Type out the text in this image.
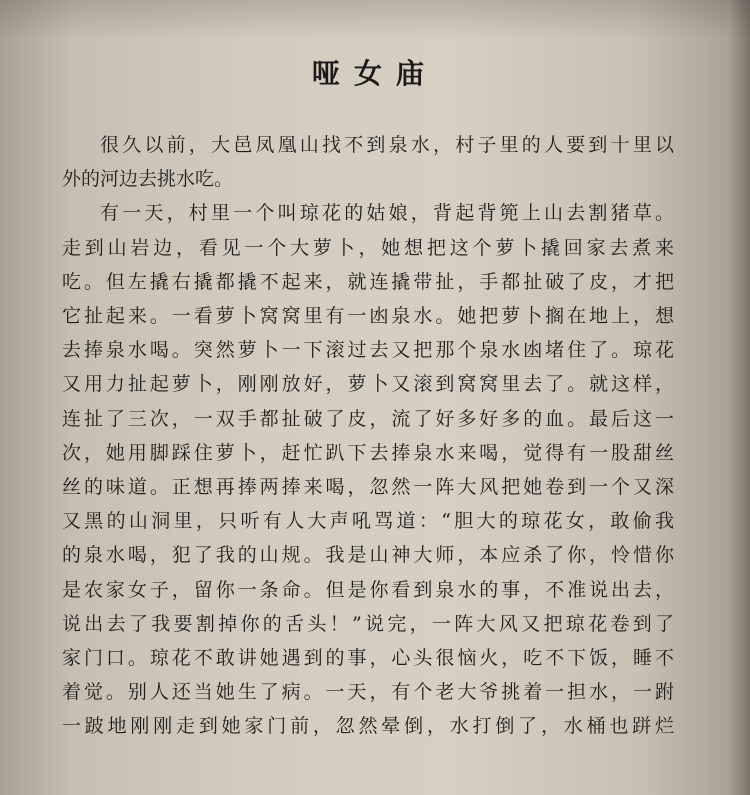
哑女庙
很久以前，大邑凤凰山找不到泉水，村子里的人要到十里以
外的河边去挑水吃。
有一天，村里一个叫琼花的姑娘，背起背篼上山去割猪草。
走到山岩边，看见一个大萝卜，她想把这个萝卜撬回家去煮来
吃。但左撬右撬都撬不起来，就连撬带扯，手都扯破了皮，才把
它扯起来。一看萝卜窝窝里有一凼泉水。她把萝卜搁在地上，想
去捧泉水喝。突然萝卜一下滚过去又把那个泉水凼堵住了。琼花
又用力扯起萝卜，刚刚放好，萝卜又滚到窝窝里去了。就这样，
连扯了三次，一双手都扯破了皮，流了好多好多的血。最后这一
次，她用脚踩住萝卜，赶忙趴下去捧泉水来喝，觉得有一股甜丝
丝的味道。正想再捧两捧来喝，忽然一阵大风把她卷到一个又深
又黑的山洞里，只听有人大声吼骂道：“胆大的琼花女，敢偷我
的泉水喝，犯了我的山规。我是山神大师，本应杀了你，怜惜你
是农家女子，留你一条命。但是你看到泉水的事，不准说出去，
说出去了我要割掉你的舌头！”说完，一阵大风又把琼花卷到了
家门口。琼花不敢讲她遇到的事，心头很恼火，吃不下饭，睡不
着觉。别人还当她生了病。一天，有个老大爷挑着一担水，一跗
一跛地刚刚走到她家门前，忽然晕倒，水打倒了，水桶也跰烂
